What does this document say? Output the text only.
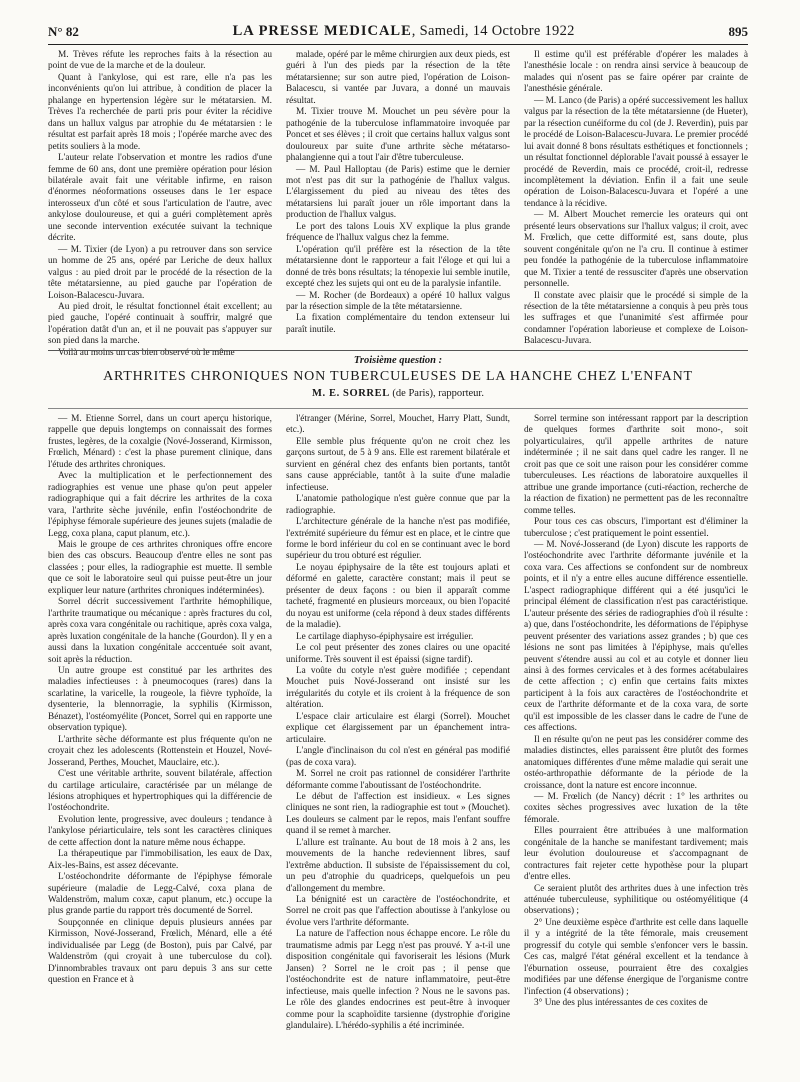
N° 82	LA PRESSE MEDICALE, Samedi, 14 Octobre 1922	895

M. Trèves réfute les reproches faits à la résection au point de vue de la marche et de la douleur.

Quant à l'ankylose, qui est rare, elle n'a pas les inconvénients qu'on lui attribue, à condition de placer la phalange en hypertension légère sur le métatarsien. M. Trèves l'a recherchée de parti pris pour éviter la récidive dans un hallux valgus par atrophie du 4e métatarsien : le résultat est parfait après 18 mois ; l'opérée marche avec des petits souliers à la mode.

L'auteur relate l'observation et montre les radios d'une femme de 60 ans, dont une première opération pour lésion bilatérale avait fait une véritable infirme, en raison d'énormes néoformations osseuses dans le 1er espace interosseux d'un côté et sous l'articulation de l'autre, avec ankylose douloureuse, et qui a guéri complètement après une seconde intervention exécutée suivant la technique décrite.

— M. Tixier (de Lyon) a pu retrouver dans son service un homme de 25 ans, opéré par Leriche de deux hallux valgus : au pied droit par le procédé de la résection de la tête métatarsienne, au pied gauche par l'opération de Loison-Balacescu-Juvara.

Au pied droit, le résultat fonctionnel était excellent; au pied gauche, l'opéré continuait à souffrir, malgré que l'opération datât d'un an, et il ne pouvait pas s'appuyer sur son pied dans la marche.

Voilà au moins un cas bien observé où le même

malade, opéré par le même chirurgien aux deux pieds, est guéri à l'un des pieds par la résection de la tête métatarsienne; sur son autre pied, l'opération de Loison-Balacescu, si vantée par Juvara, a donné un mauvais résultat.

M. Tixier trouve M. Mouchet un peu sévère pour la pathogénie de la tuberculose inflammatoire invoquée par Poncet et ses élèves ; il croit que certains hallux valgus sont douloureux par suite d'une arthrite sèche métatarso-phalangienne qui a tout l'air d'être tuberculeuse.

— M. Paul Halloptau (de Paris) estime que le dernier mot n'est pas dit sur la pathogénie de l'hallux valgus. L'élargissement du pied au niveau des têtes des métatarsiens lui paraît jouer un rôle important dans la production de l'hallux valgus.

Le port des talons Louis XV explique la plus grande fréquence de l'hallux valgus chez la femme.

L'opération qu'il préfère est la résection de la tête métatarsienne dont le rapporteur a fait l'éloge et qui lui a donné de très bons résultats; la ténopexie lui semble inutile, excepté chez les sujets qui ont eu de la paralysie infantile.

— M. Rocher (de Bordeaux) a opéré 10 hallux valgus par la résection simple de la tête métatarsienne.

La fixation complémentaire du tendon extenseur lui paraît inutile.

Il estime qu'il est préférable d'opérer les malades à l'anesthésie locale : on rendra ainsi service à beaucoup de malades qui n'osent pas se faire opérer par crainte de l'anesthésie générale.

— M. Lanco (de Paris) a opéré successivement les hallux valgus par la résection de la tête métatarsienne (de Hueter), par la résection cunéiforme du col (de J. Reverdin), puis par le procédé de Loison-Balacescu-Juvara. Le premier procédé lui avait donné 8 bons résultats esthétiques et fonctionnels ; un résultat fonctionnel déplorable l'avait poussé à essayer le procédé de Reverdin, mais ce procédé, croit-il, redresse incomplètement la déviation. Enfin il a fait une seule opération de Loison-Balacescu-Juvara et l'opéré a une tendance à la récidive.

— M. Albert Mouchet remercie les orateurs qui ont présenté leurs observations sur l'hallux valgus; il croit, avec M. Frœlich, que cette difformité est, sans doute, plus souvent congénitale qu'on ne l'a cru. Il continue à estimer peu fondée la pathogénie de la tuberculose inflammatoire que M. Tixier a tenté de ressusciter d'après une observation personnelle.

Il constate avec plaisir que le procédé si simple de la résection de la tête métatarsienne a conquis à peu près tous les suffrages et que l'unanimité s'est affirmée pour condamner l'opération laborieuse et complexe de Loison-Balacescu-Juvara.

Troisième question :
ARTHRITES CHRONIQUES NON TUBERCULEUSES DE LA HANCHE CHEZ L'ENFANT
M. E. SORREL (de Paris), rapporteur.

— M. Etienne Sorrel, dans un court aperçu historique, rappelle que depuis longtemps on connaissait des formes frustes, legères, de la coxalgie (Nové-Josserand, Kirmisson, Frœlich, Ménard) : c'est la phase purement clinique, dans l'étude des arthrites chroniques.

Avec la multiplication et le perfectionnement des radiographies est venue une phase qu'on peut appeler radiographique qui a fait décrire les arthrites de la coxa vara, l'arthrite sèche juvénile, enfin l'ostéochondrite de l'épiphyse fémorale supérieure des jeunes sujets (maladie de Legg, coxa plana, caput planum, etc.).

Mais le groupe de ces arthrites chroniques offre encore bien des cas obscurs. Beaucoup d'entre elles ne sont pas classées ; pour elles, la radiographie est muette. Il semble que ce soit le laboratoire seul qui puisse peut-être un jour expliquer leur nature (arthrites chroniques indéterminées).

Sorrel décrit successivement l'arthrite hémophilique, l'arthrite traumatique ou mécanique : après fractures du col, après coxa vara congénitale ou rachitique, après coxa valga, après luxation congénitale de la hanche (Gourdon). Il y en a aussi dans la luxation congénitale acccentuée soit avant, soit après la réduction.

Un autre groupe est constitué par les arthrites des maladies infectieuses : à pneumocoques (rares) dans la scarlatine, la varicelle, la rougeole, la fièvre typhoïde, la dysenterie, la blennorragie, la syphilis (Kirmisson, Bénazet), l'ostéomyélite (Poncet, Sorrel qui en rapporte une observation typique).

L'arthrite sèche déformante est plus fréquente qu'on ne croyait chez les adolescents (Rottenstein et Houzel, Nové-Josserand, Perthes, Mouchet, Mauclaire, etc.).

C'est une véritable arthrite, souvent bilatérale, affection du cartilage articulaire, caractérisée par un mélange de lésions atrophiques et hypertrophiques qui la différencie de l'ostéochondrite.

Evolution lente, progressive, avec douleurs ; tendance à l'ankylose périarticulaire, tels sont les caractères cliniques de cette affection dont la nature même nous échappe.

La thérapeutique par l'immobilisation, les eaux de Dax, Aix-les-Bains, est assez décevante.

L'ostéochondrite déformante de l'épiphyse fémorale supérieure (maladie de Legg-Calvé, coxa plana de Waldenström, malum coxæ, caput planum, etc.) occupe la plus grande partie du rapport très documenté de Sorrel.

Soupçonnée en clinique depuis plusieurs années par Kirmisson, Nové-Josserand, Frœlich, Ménard, elle a été individualisée par Legg (de Boston), puis par Calvé, par Waldenström (qui croyait à une tuberculose du col). D'innombrables travaux ont paru depuis 3 ans sur cette question en France et à

l'étranger (Mérine, Sorrel, Mouchet, Harry Platt, Sundt, etc.).

Elle semble plus fréquente qu'on ne croit chez les garçons surtout, de 5 à 9 ans. Elle est rarement bilatérale et survient en général chez des enfants bien portants, tantôt sans cause appréciable, tantôt à la suite d'une maladie infectieuse.

L'anatomie pathologique n'est guère connue que par la radiographie.

L'architecture générale de la hanche n'est pas modifiée, l'extrémité supérieure du fémur est en place, et le cintre que forme le bord inférieur du col en se continuant avec le bord supérieur du trou obturé est régulier.

Le noyau épiphysaire de la tête est toujours aplati et déformé en galette, caractère constant; mais il peut se présenter de deux façons : ou bien il apparaît comme tacheté, fragmenté en plusieurs morceaux, ou bien l'opacité du noyau est uniforme (cela répond à deux stades différents de la maladie).

Le cartilage diaphyso-épiphysaire est irrégulier.

Le col peut présenter des zones claires ou une opacité uniforme. Très souvent il est épaissi (signe tardif).

La voûte du cotyle n'est guère modifiée ; cependant Mouchet puis Nové-Josserand ont insisté sur les irrégularités du cotyle et ils croient à la fréquence de son altération.

L'espace clair articulaire est élargi (Sorrel). Mouchet explique cet élargissement par un épanchement intra-articulaire.

L'angle d'inclinaison du col n'est en général pas modifié (pas de coxa vara).

M. Sorrel ne croit pas rationnel de considérer l'arthrite déformante comme l'aboutissant de l'ostéochondrite.

Le début de l'affection est insidieux. « Les signes cliniques ne sont rien, la radiographie est tout » (Mouchet). Les douleurs se calment par le repos, mais l'enfant souffre quand il se remet à marcher.

L'allure est traînante. Au bout de 18 mois à 2 ans, les mouvements de la hanche redeviennent libres, sauf l'extrême abduction. Il subsiste de l'épaississement du col, un peu d'atrophie du quadriceps, quelquefois un peu d'allongement du membre.

La bénignité est un caractère de l'ostéochondrite, et Sorrel ne croit pas que l'affection aboutisse à l'ankylose ou évolue vers l'arthrite déformante.

La nature de l'affection nous échappe encore. Le rôle du traumatisme admis par Legg n'est pas prouvé. Y a-t-il une disposition congénitale qui favoriserait les lésions (Murk Jansen) ? Sorrel ne le croit pas ; il pense que l'ostéochondrite est de nature inflammatoire, peut-être infectieuse, mais quelle infection ? Nous ne le savons pas. Le rôle des glandes endocrines est peut-être à invoquer comme pour la scaphoïdite tarsienne (dystrophie d'origine glandulaire). L'hérédo-syphilis a été incriminée.

Sorrel termine son intéressant rapport par la description de quelques formes d'arthrite soit mono-, soit polyarticulaires, qu'il appelle arthrites de nature indéterminée ; il ne sait dans quel cadre les ranger. Il ne croit pas que ce soit une raison pour les considérer comme tuberculeuses. Les réactions de laboratoire auxquelles il attribue une grande importance (cuti-réaction, recherche de la réaction de fixation) ne permettent pas de les reconnaître comme telles.

Pour tous ces cas obscurs, l'important est d'éliminer la tuberculose ; c'est pratiquement le point essentiel.

— M. Nové-Josserand (de Lyon) discute les rapports de l'ostéochondrite avec l'arthrite déformante juvénile et la coxa vara. Ces affections se confondent sur de nombreux points, et il n'y a entre elles aucune différence essentielle. L'aspect radiographique différent qui a été jusqu'ici le principal élément de classification n'est pas caractéristique. L'auteur présente des séries de radiographies d'où il résulte : a) que, dans l'ostéochondrite, les déformations de l'épiphyse peuvent présenter des variations assez grandes ; b) que ces lésions ne sont pas limitées à l'épiphyse, mais qu'elles peuvent s'étendre aussi au col et au cotyle et donner lieu ainsi à des formes cervicales et à des formes acétabulaires de cette affection ; c) enfin que certains faits mixtes participent à la fois aux caractères de l'ostéochondrite et ceux de l'arthrite déformante et de la coxa vara, de sorte qu'il est impossible de les classer dans le cadre de l'une de ces affections.

Il en résulte qu'on ne peut pas les considérer comme des maladies distinctes, elles paraissent être plutôt des formes anatomiques différentes d'une même maladie qui serait une ostéo-arthropathie déformante de la période de la croissance, dont la nature est encore inconnue.

— M. Frœlich (de Nancy) décrit : 1° les arthrites ou coxites sèches progressives avec luxation de la tête fémorale.

Elles pourraient être attribuées à une malformation congénitale de la hanche se manifestant tardivement; mais leur évolution douloureuse et s'accompagnant de contractures fait rejeter cette hypothèse pour la plupart d'entre elles.

Ce seraient plutôt des arthrites dues à une infection très atténuée tuberculeuse, syphilitique ou ostéomyélitique (4 observations) ;

2° Une deuxième espèce d'arthrite est celle dans laquelle il y a intégrité de la tête fémorale, mais creusement progressif du cotyle qui semble s'enfoncer vers le bassin. Ces cas, malgré l'état général excellent et la tendance à l'éburnation osseuse, pourraient être des coxalgies modifiées par une défense énergique de l'organisme contre l'infection (4 observations) ;

3° Une des plus intéressantes de ces coxites de
